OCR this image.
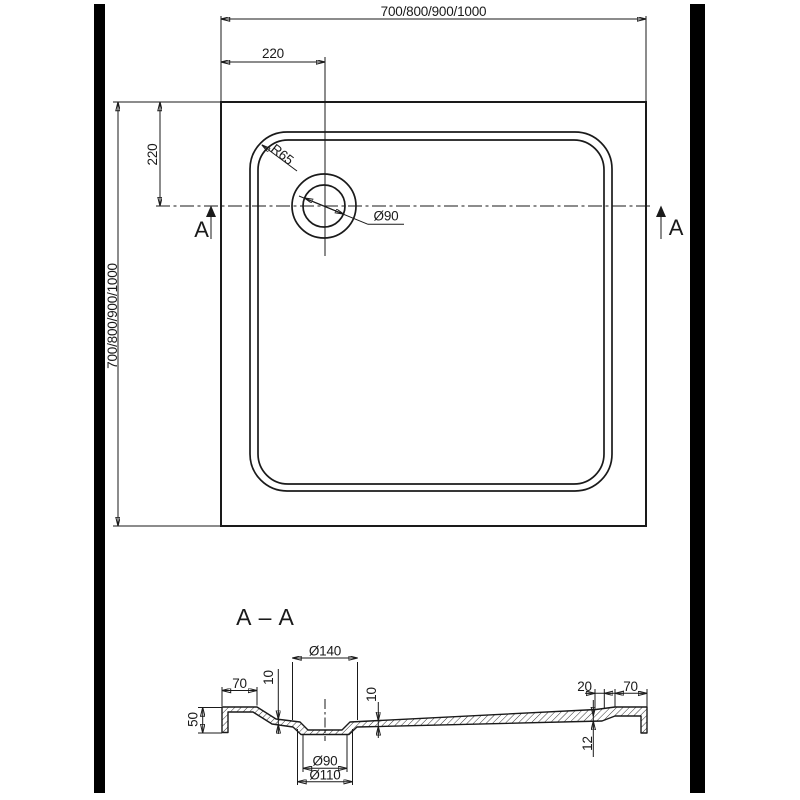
700/800/900/1000
220
700/800/900/1000
220	R65
Ø90
A	A
A – A
Ø140
70 10
10
50
Ø90
Ø110
20 70
12
